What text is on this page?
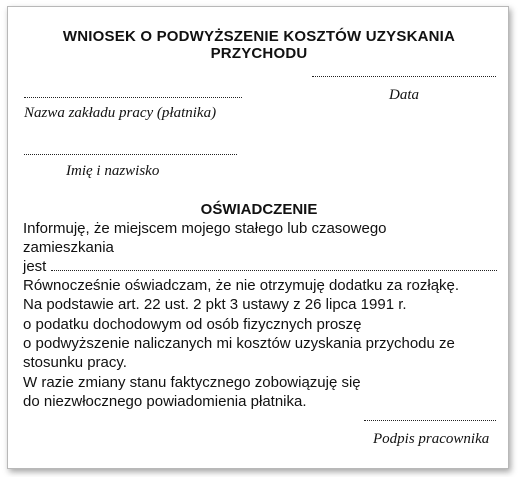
WNIOSEK O PODWYŻSZENIE KOSZTÓW UZYSKANIA
PRZYCHODU
Data
Nazwa zakładu pracy (płatnika)
Imię i nazwisko
OŚWIADCZENIE
Informuję, że miejscem mojego stałego lub czasowego
zamieszkania
jest
Równocześnie oświadczam, że nie otrzymuję dodatku za rozłąkę.
Na podstawie art. 22 ust. 2 pkt 3 ustawy z 26 lipca 1991 r.
o podatku dochodowym od osób fizycznych proszę
o podwyższenie naliczanych mi kosztów uzyskania przychodu ze
stosunku pracy.
W razie zmiany stanu faktycznego zobowiązuję się
do niezwłocznego powiadomienia płatnika.
Podpis pracownika
